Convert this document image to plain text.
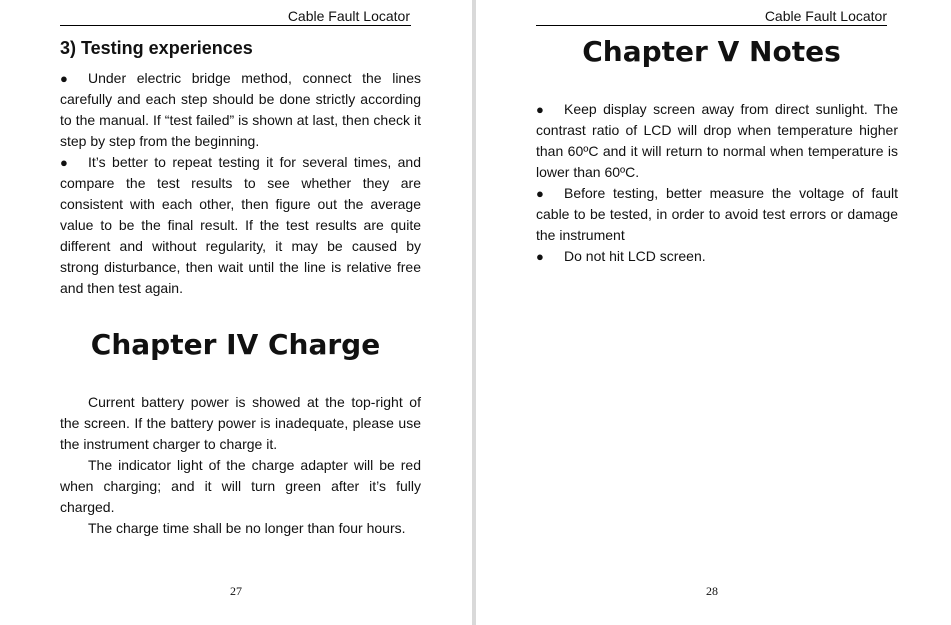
Cable Fault Locator
3) Testing experiences

● Under electric bridge method, connect the lines carefully and each step should be done strictly according to the manual. If “test failed” is shown at last, then check it step by step from the beginning.

● It’s better to repeat testing it for several times, and compare the test results to see whether they are consistent with each other, then figure out the average value to be the final result. If the test results are quite different and without regularity, it may be caused by strong disturbance, then wait until the line is relative free and then test again.

Chapter IV Charge

Current battery power is showed at the top-right of the screen. If the battery power is inadequate, please use the instrument charger to charge it.

The indicator light of the charge adapter will be red when charging; and it will turn green after it’s fully charged.

The charge time shall be no longer than four hours.

27
Cable Fault Locator
Chapter V Notes

● Keep display screen away from direct sunlight. The contrast ratio of LCD will drop when temperature higher than 60ºC and it will return to normal when temperature is lower than 60ºC.

● Before testing, better measure the voltage of fault cable to be tested, in order to avoid test errors or damage the instrument

● Do not hit LCD screen.

28
